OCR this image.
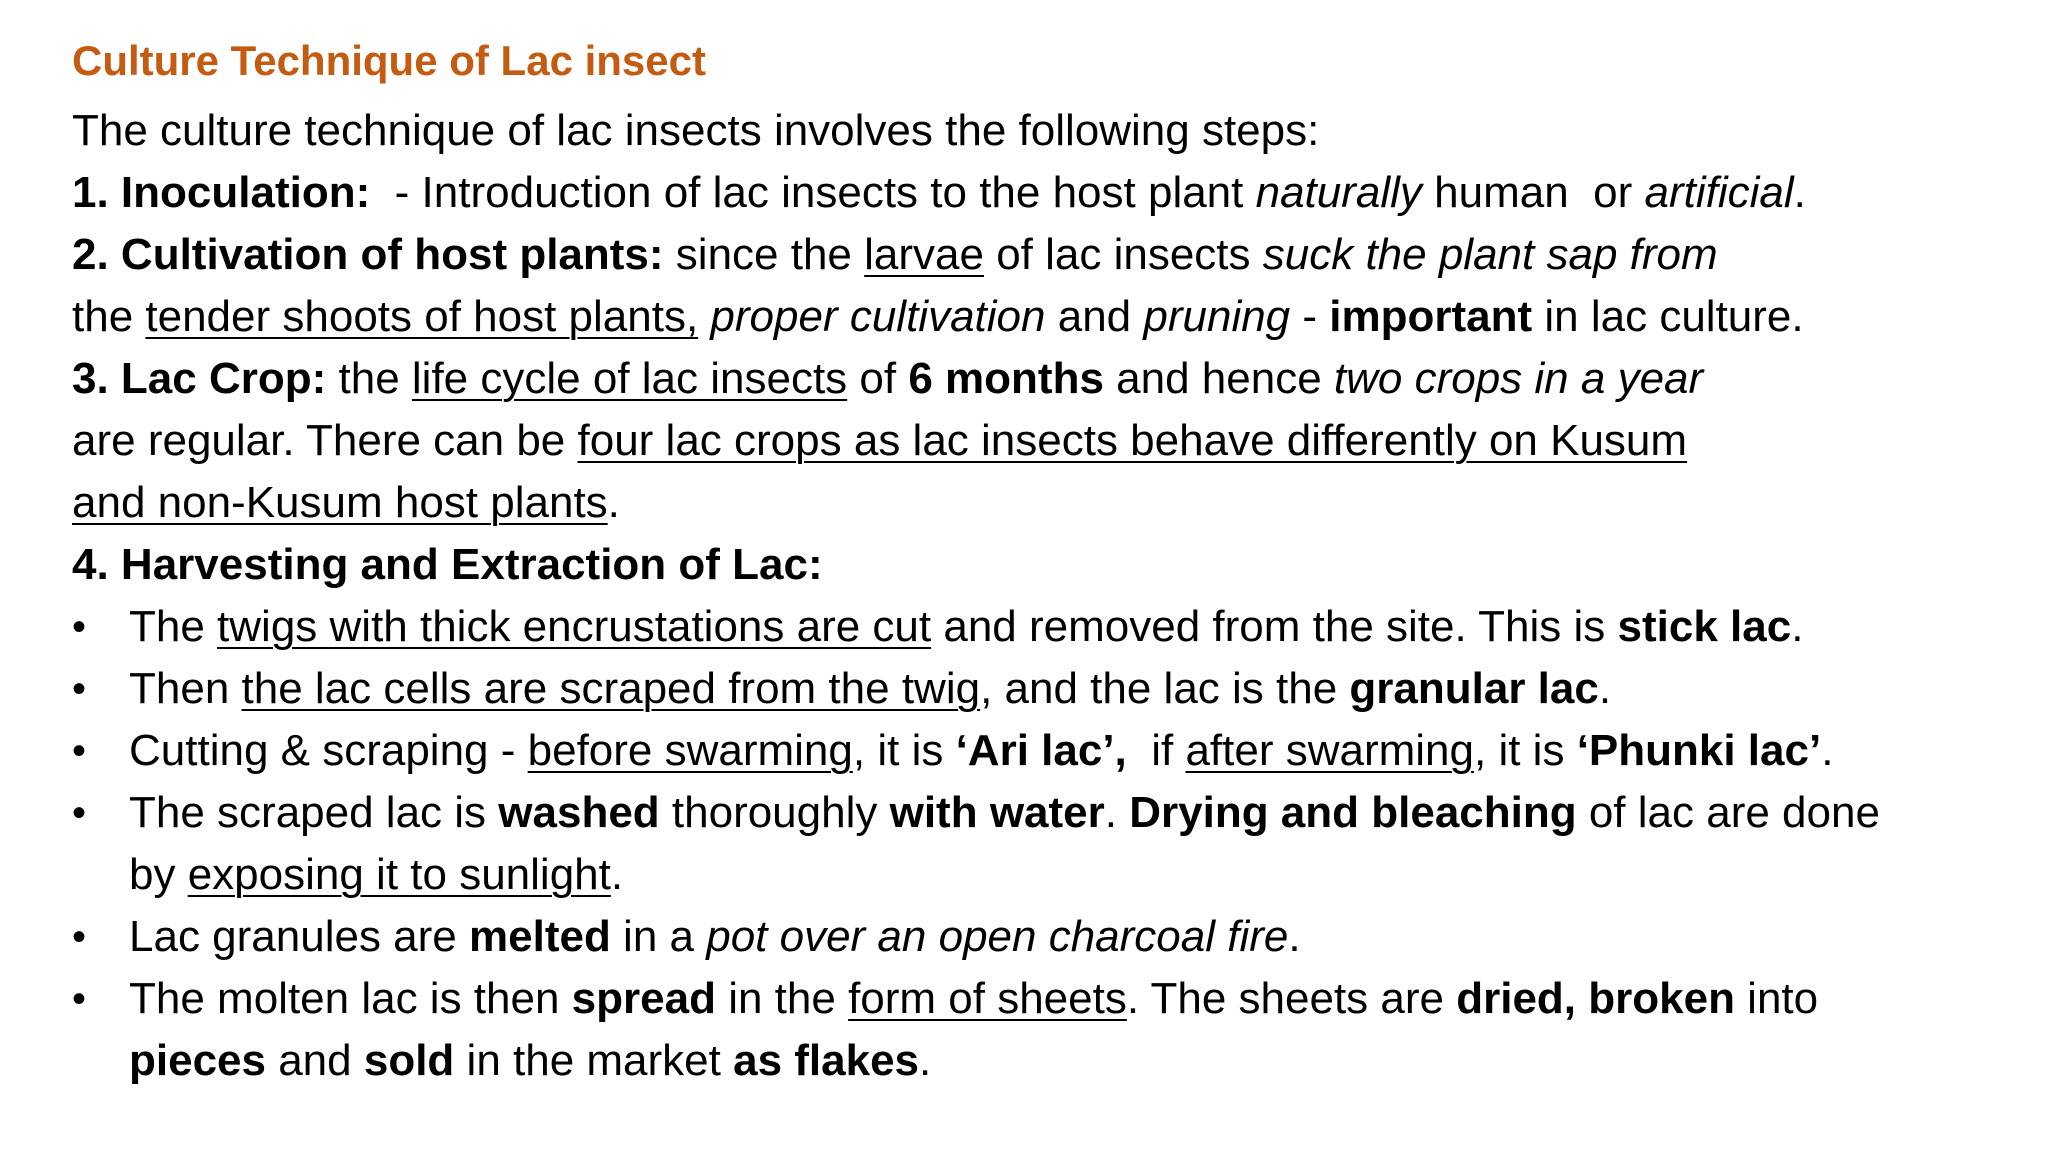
Culture Technique of Lac insect
The culture technique of lac insects involves the following steps:
1. Inoculation:  - Introduction of lac insects to the host plant naturally human  or artificial.
2. Cultivation of host plants: since the larvae of lac insects suck the plant sap from
the tender shoots of host plants, proper cultivation and pruning - important in lac culture.
3. Lac Crop: the life cycle of lac insects of 6 months and hence two crops in a year
are regular. There can be four lac crops as lac insects behave differently on Kusum
and non-Kusum host plants.
4. Harvesting and Extraction of Lac:
• The twigs with thick encrustations are cut and removed from the site. This is stick lac.
• Then the lac cells are scraped from the twig, and the lac is the granular lac.
• Cutting & scraping - before swarming, it is ‘Ari lac’,  if after swarming, it is ‘Phunki lac’.
• The scraped lac is washed thoroughly with water. Drying and bleaching of lac are done
by exposing it to sunlight.
• Lac granules are melted in a pot over an open charcoal fire.
• The molten lac is then spread in the form of sheets. The sheets are dried, broken into
pieces and sold in the market as flakes.
